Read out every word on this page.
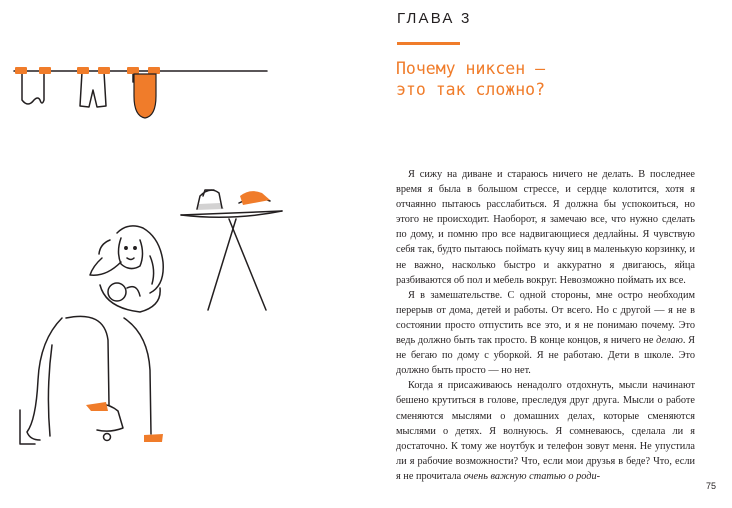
ГЛАВА 3
Почему никсен —
это так сложно?

Я сижу на диване и стараюсь ничего не делать. В последнее время я была в большом стрессе, и сердце колотится, хотя я отчаянно пытаюсь расслабиться. Я должна бы успокоиться, но этого не происходит. Наоборот, я замечаю все, что нужно сделать по дому, и помню про все надвигающиеся дедлайны. Я чувствую себя так, будто пытаюсь поймать кучу яиц в маленькую корзинку, и не важно, насколько быстро и аккуратно я двигаюсь, яйца разбиваются об пол и мебель вокруг. Невозможно поймать их все.

Я в замешательстве. С одной стороны, мне остро необходим перерыв от дома, детей и работы. От всего. Но с другой — я не в состоянии просто отпустить все это, и я не понимаю почему. Это ведь должно быть так просто. В конце концов, я ничего не делаю. Я не бегаю по дому с уборкой. Я не работаю. Дети в школе. Это должно быть просто — но нет.

Когда я присаживаюсь ненадолго отдохнуть, мысли начинают бешено крутиться в голове, преследуя друг друга. Мысли о работе сменяются мыслями о домашних делах, которые сменяются мыслями о детях. Я волнуюсь. Я сомневаюсь, сделала ли я достаточно. К тому же ноутбук и телефон зовут меня. Не упустила ли я рабочие возможности? Что, если мои друзья в беде? Что, если я не прочитала очень важную статью о роди-

75
